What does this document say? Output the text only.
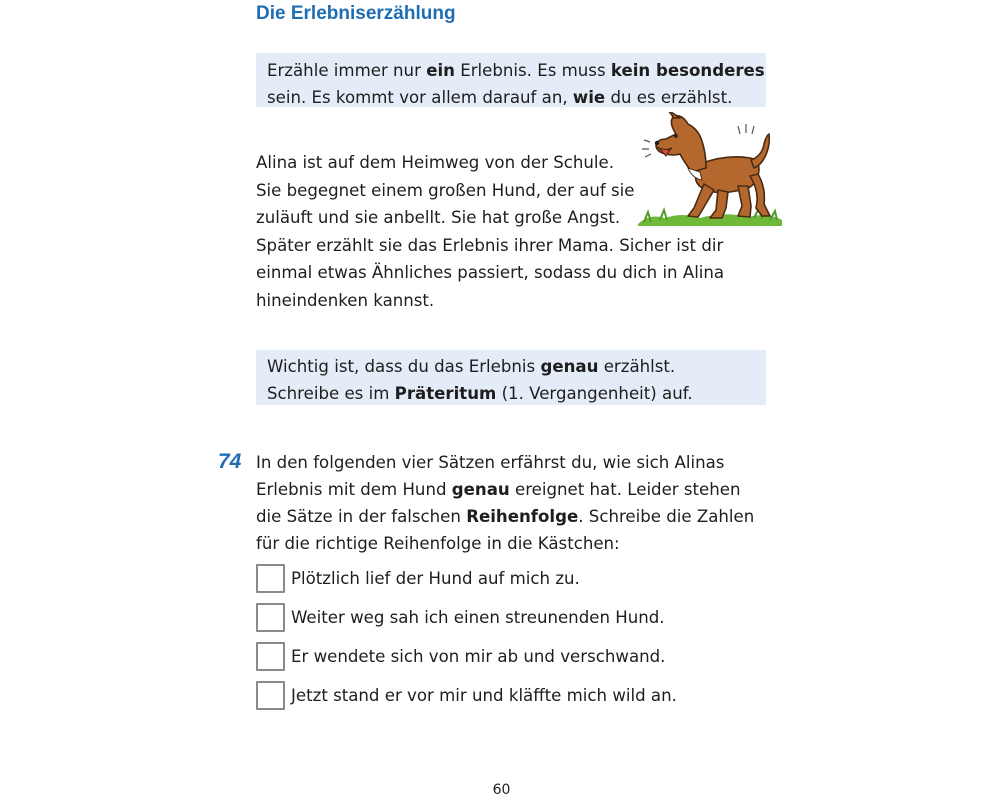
Die Erlebniserzählung

Erzähle immer nur ein Erlebnis. Es muss kein besonderes

sein. Es kommt vor allem darauf an, wie du es erzählst.

Alina ist auf dem Heimweg von der Schule.

Sie begegnet einem großen Hund, der auf sie

zuläuft und sie anbellt. Sie hat große Angst.

Später erzählt sie das Erlebnis ihrer Mama. Sicher ist dir

einmal etwas Ähnliches passiert, sodass du dich in Alina

hineindenken kannst.

Wichtig ist, dass du das Erlebnis genau erzählst.

Schreibe es im Präteritum (1. Vergangenheit) auf.

74 In den folgenden vier Sätzen erfährst du, wie sich Alinas

Erlebnis mit dem Hund genau ereignet hat. Leider stehen

die Sätze in der falschen Reihenfolge. Schreibe die Zahlen

für die richtige Reihenfolge in die Kästchen:

Plötzlich lief der Hund auf mich zu.
Weiter weg sah ich einen streunenden Hund.
Er wendete sich von mir ab und verschwand.
Jetzt stand er vor mir und kläffte mich wild an.
60
